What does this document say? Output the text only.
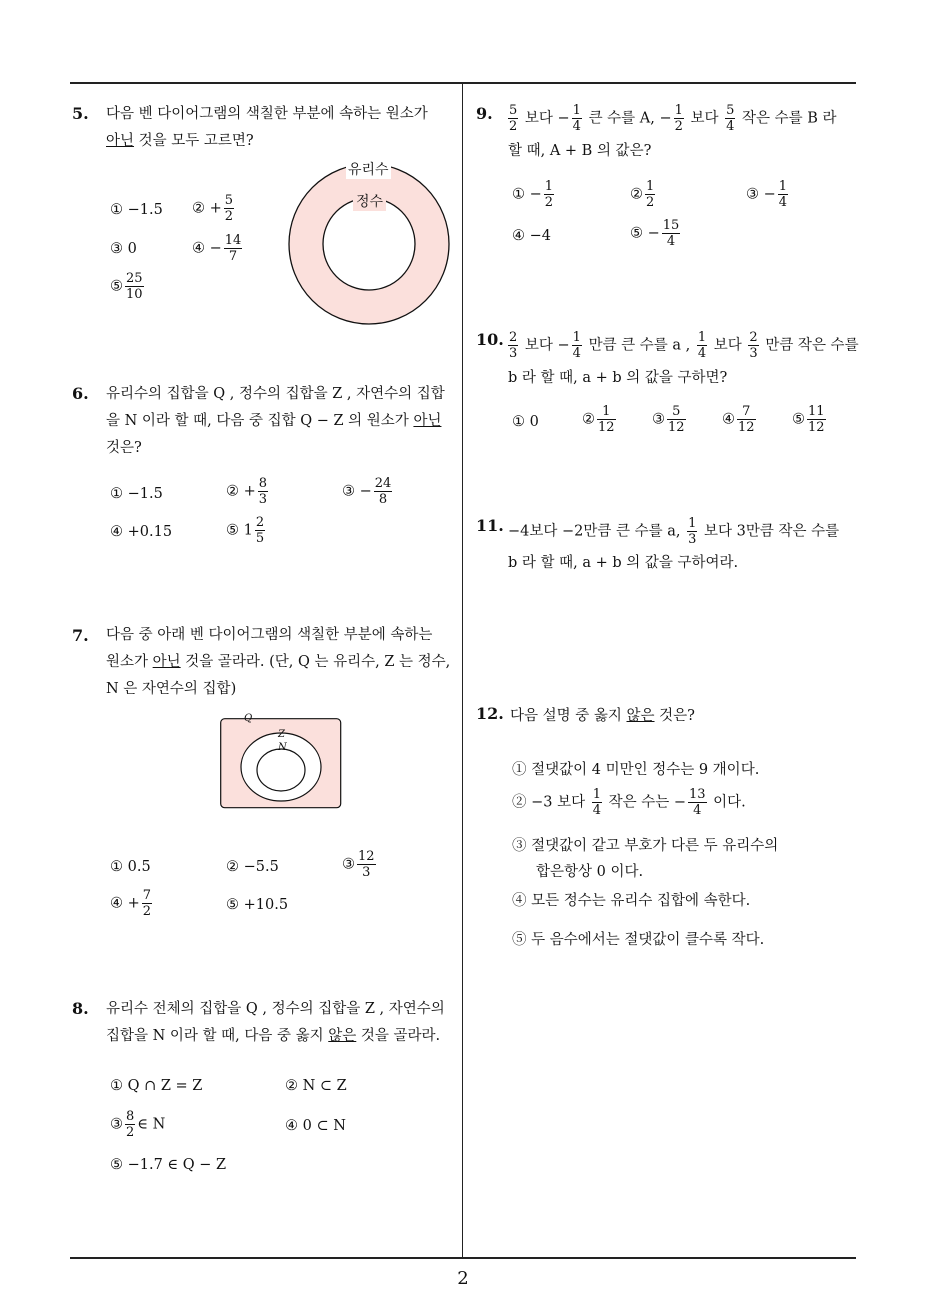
5. 다음 벤 다이어그램의 색칠한 부분에 속하는 원소가
아닌 것을 모두 고르면?
① −1.5 ② + $\frac{5}{2}$
③ 0	④ − $\frac{14}{7}$
⑤ $\frac{25}{10}$
유리수
정수
6. 유리수의 집합을 Q , 정수의 집합을 Z , 자연수의 집합
을 N 이라 할 때, 다음 중 집합 Q − Z 의 원소가 아닌
것은?
① −1.5	② + $\frac{8}{3}$	③ − $\frac{24}{8}$
④ +0.15	⑤ $1 \frac{2}{5}$
7. 다음 중 아래 벤 다이어그램의 색칠한 부분에 속하는
원소가 아닌 것을 골라라. (단, Q 는 유리수, Z 는 정수,
N 은 자연수의 집합)
Q
Z
N
① 0.5	② −5.5	③ $\frac{12}{3}$
④ + $\frac{7}{2}$	⑤ +10.5
8. 유리수 전체의 집합을 Q , 정수의 집합을 Z , 자연수의
집합을 N 이라 할 때, 다음 중 옳지 않은 것을 골라라.
① Q ∩ Z = Z	② N ⊂ Z
③ $\frac{8}{2}$ ∈ N	④ 0 ⊂ N
⑤ −1.7 ∈ Q − Z
9. $\frac{5}{2}$ 보다 − $\frac{1}{4}$ 큰 수를 A, − $\frac{1}{2}$ 보다 $\frac{5}{4}$ 작은 수를 B 라
할 때, A + B 의 값은?
① − $\frac{1}{2}$	② $\frac{1}{2}$	③ − $\frac{1}{4}$
④ −4	⑤ − $\frac{15}{4}$
10. $\frac{2}{3}$ 보다 − $\frac{1}{4}$ 만큼 큰 수를 a , $\frac{1}{4}$ 보다 $\frac{2}{3}$ 만큼 작은 수를
b 라 할 때, a + b 의 값을 구하면?
① 0	② $\frac{1}{12}$	③ $\frac{5}{12}$	④ $\frac{7}{12}$	⑤ $\frac{11}{12}$
11. −4보다 −2만큼 큰 수를 a, $\frac{1}{3}$ 보다 3만큼 작은 수를
b 라 할 때, a + b 의 값을 구하여라.
12. 다음 설명 중 옳지 않은 것은?
① 절댓값이 4 미만인 정수는 9 개이다.
② −3 보다 $\frac{1}{4}$ 작은 수는 − $\frac{13}{4}$ 이다.
③ 절댓값이 같고 부호가 다른 두 유리수의
합은항상 0 이다.
④ 모든 정수는 유리수 집합에 속한다.
⑤ 두 음수에서는 절댓값이 클수록 작다.
2
